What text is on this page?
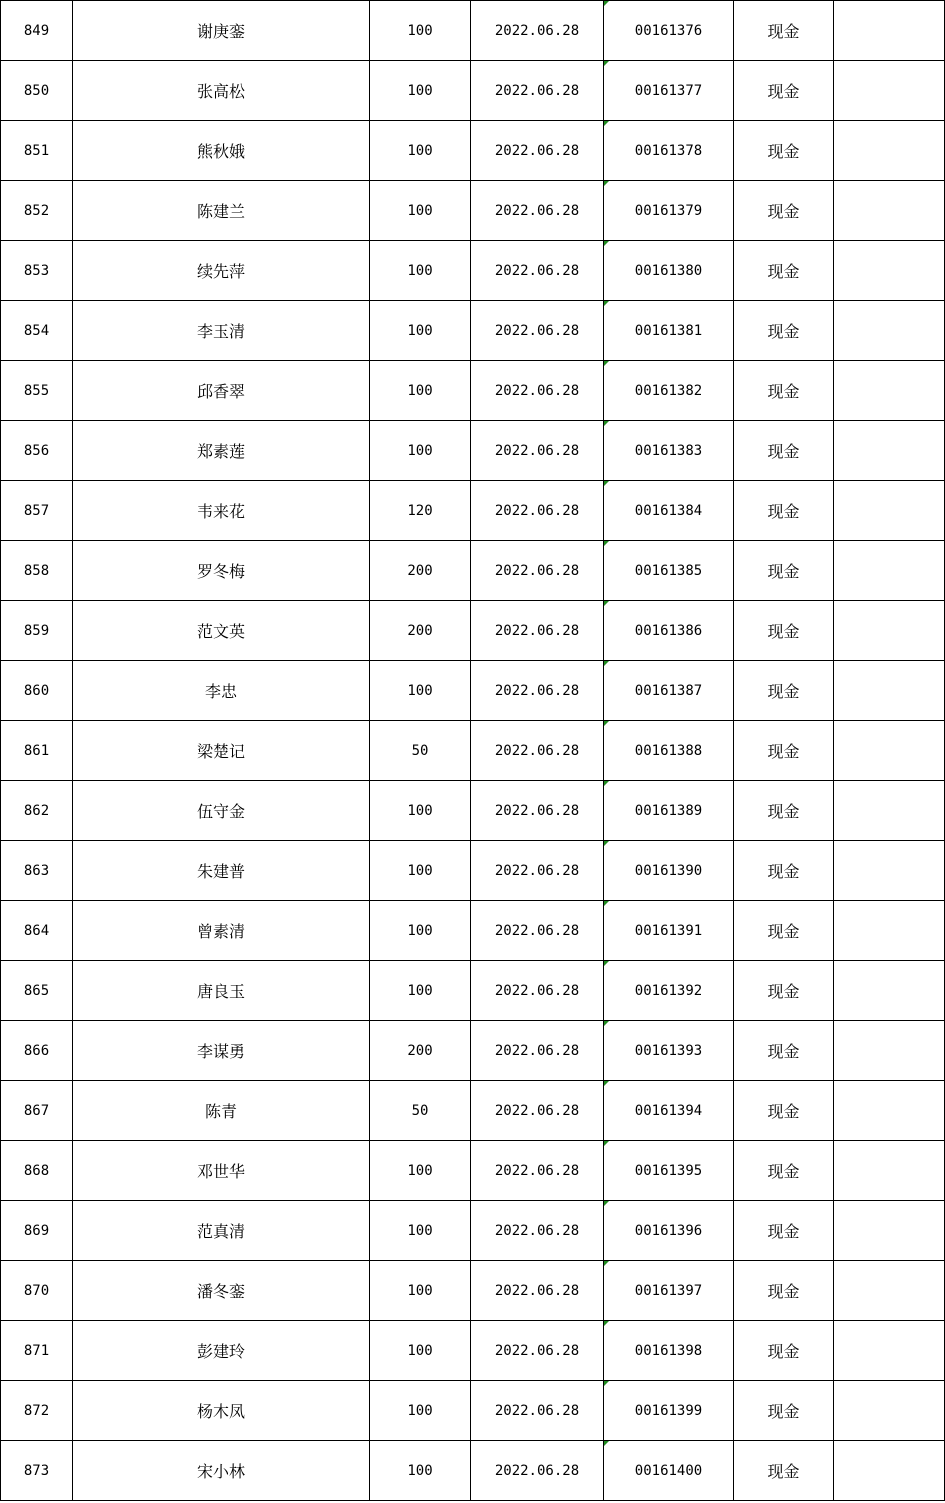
849	谢庚銮	100	2022.06.28	00161376	现金	
850	张高松	100	2022.06.28	00161377	现金	
851	熊秋娥	100	2022.06.28	00161378	现金	
852	陈建兰	100	2022.06.28	00161379	现金	
853	续先萍	100	2022.06.28	00161380	现金	
854	李玉清	100	2022.06.28	00161381	现金	
855	邱香翠	100	2022.06.28	00161382	现金	
856	郑素莲	100	2022.06.28	00161383	现金	
857	韦来花	120	2022.06.28	00161384	现金	
858	罗冬梅	200	2022.06.28	00161385	现金	
859	范文英	200	2022.06.28	00161386	现金	
860	李忠	100	2022.06.28	00161387	现金	
861	梁楚记	50	2022.06.28	00161388	现金	
862	伍守金	100	2022.06.28	00161389	现金	
863	朱建普	100	2022.06.28	00161390	现金	
864	曾素清	100	2022.06.28	00161391	现金	
865	唐良玉	100	2022.06.28	00161392	现金	
866	李谋勇	200	2022.06.28	00161393	现金	
867	陈青	50	2022.06.28	00161394	现金	
868	邓世华	100	2022.06.28	00161395	现金	
869	范真清	100	2022.06.28	00161396	现金	
870	潘冬銮	100	2022.06.28	00161397	现金	
871	彭建玲	100	2022.06.28	00161398	现金	
872	杨木凤	100	2022.06.28	00161399	现金	
873	宋小林	100	2022.06.28	00161400	现金	
